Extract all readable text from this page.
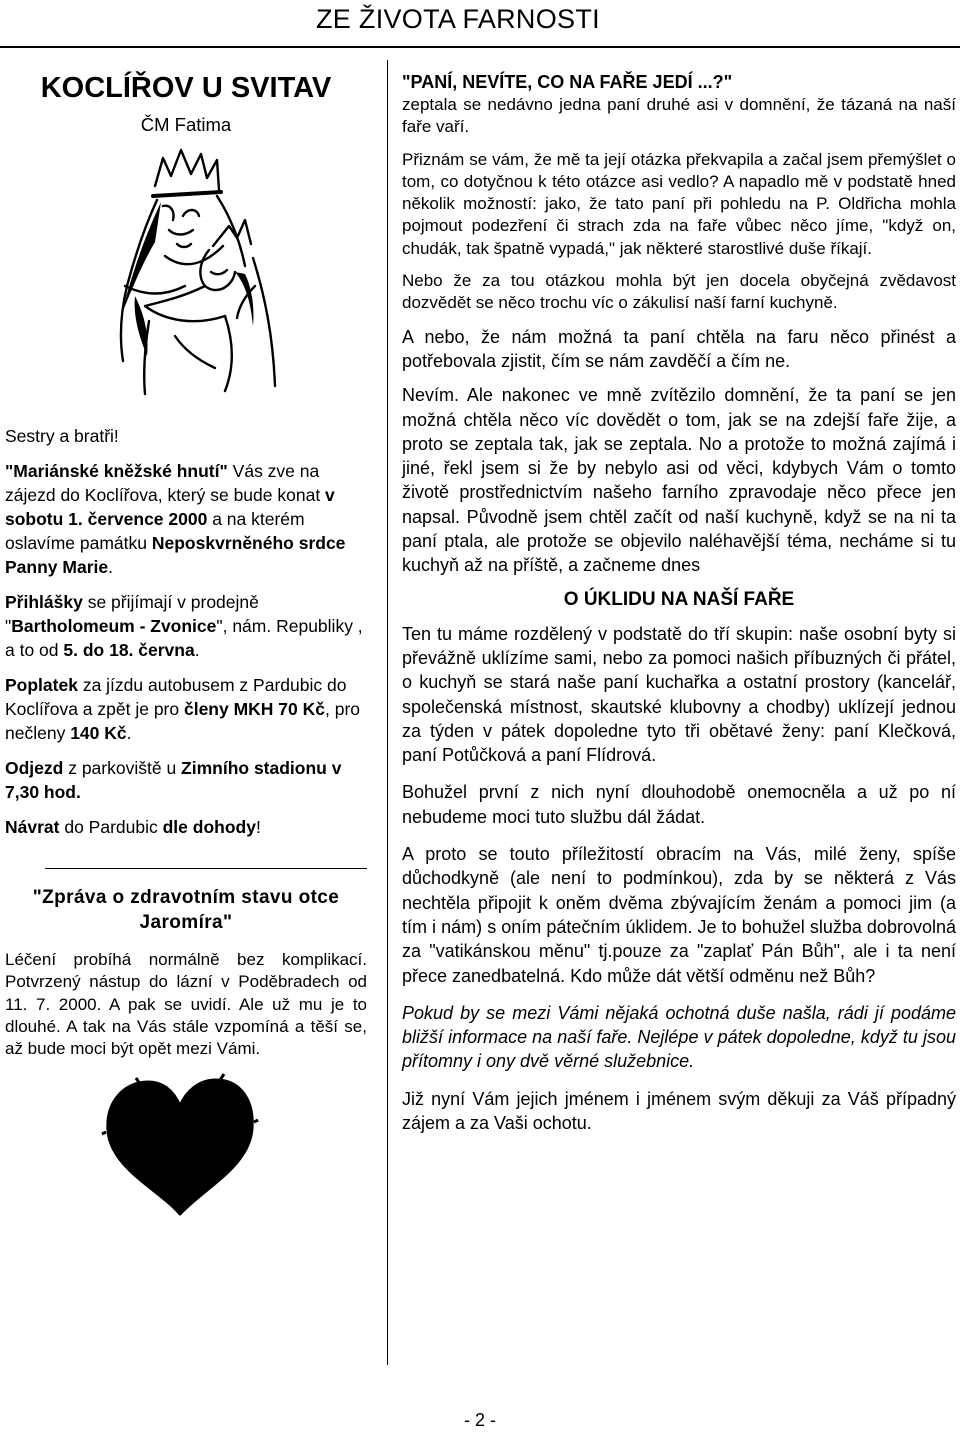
ZE ŽIVOTA FARNOSTI
KOCLÍŘOV U SVITAV
ČM Fatima

Sestry a bratři!

"Mariánské kněžské hnutí" Vás zve na zájezd do Koclířova, který se bude konat v sobotu 1. července 2000 a na kterém oslavíme památku Neposkvrněného srdce Panny Marie.

Přihlášky se přijímají v prodejně "Bartholomeum - Zvonice", nám. Republiky , a to od 5. do 18. června.

Poplatek za jízdu autobusem z Pardubic do Koclířova a zpět je pro členy MKH 70 Kč, pro nečleny 140 Kč.

Odjezd z parkoviště u Zimního stadionu v 7,30 hod.

Návrat do Pardubic dle dohody!

"Zpráva o zdravotním stavu otce
Jaromíra"

Léčení probíhá normálně bez komplikací. Potvrzený nástup do lázní v Poděbradech od 11. 7. 2000. A pak se uvidí. Ale už mu je to dlouhé. A tak na Vás stále vzpomíná a těší se, až bude moci být opět mezi Vámi.

"PANÍ, NEVÍTE, CO NA FAŘE JEDÍ ...?"

zeptala se nedávno jedna paní druhé asi v domnění, že tázaná na naší faře vaří.

Přiznám se vám, že mě ta její otázka překvapila a začal jsem přemýšlet o tom, co dotyčnou k této otázce asi vedlo? A napadlo mě v podstatě hned několik možností: jako, že tato paní při pohledu na P. Oldřicha mohla pojmout podezření či strach zda na faře vůbec něco jíme, "když on, chudák, tak špatně vypadá," jak některé starostlivé duše říkají.

Nebo že za tou otázkou mohla být jen docela obyčejná zvědavost dozvědět se něco trochu víc o zákulisí naší farní kuchyně.

A nebo, že nám možná ta paní chtěla na faru něco přinést a potřebovala zjistit, čím se nám zavděčí a čím ne.

Nevím. Ale nakonec ve mně zvítězilo domnění, že ta paní se jen možná chtěla něco víc dovědět o tom, jak se na zdejší faře žije, a proto se zeptala tak, jak se zeptala. No a protože to možná zajímá i jiné, řekl jsem si že by nebylo asi od věci, kdybych Vám o tomto životě prostřednictvím našeho farního zpravodaje něco přece jen napsal. Původně jsem chtěl začít od naší kuchyně, když se na ni ta paní ptala, ale protože se objevilo naléhavější téma, necháme si tu kuchyň až na příště, a začneme dnes

O ÚKLIDU NA NAŠÍ FAŘE

Ten tu máme rozdělený v podstatě do tří skupin: naše osobní byty si převážně uklízíme sami, nebo za pomoci našich příbuzných či přátel, o kuchyň se stará naše paní kuchařka a ostatní prostory (kancelář, společenská místnost, skautské klubovny a chodby) uklízejí jednou za týden v pátek dopoledne tyto tři obětavé ženy: paní Klečková, paní Potůčková a paní Flídrová.

Bohužel první z nich nyní dlouhodobě onemocněla a už po ní nebudeme moci tuto službu dál žádat.

A proto se touto příležitostí obracím na Vás, milé ženy, spíše důchodkyně (ale není to podmínkou), zda by se některá z Vás nechtěla připojit k oněm dvěma zbývajícím ženám a pomoci jim (a tím i nám) s oním pátečním úklidem. Je to bohužel služba dobrovolná za "vatikánskou měnu" tj.pouze za "zaplať Pán Bůh", ale i ta není přece zanedbatelná. Kdo může dát větší odměnu než Bůh?

Pokud by se mezi Vámi nějaká ochotná duše našla, rádi jí podáme bližší informace na naší faře. Nejlépe v pátek dopoledne, když tu jsou přítomny i ony dvě věrné služebnice.

Již nyní Vám jejich jménem i jménem svým děkuji za Váš případný zájem a za Vaši ochotu.

- 2 -
